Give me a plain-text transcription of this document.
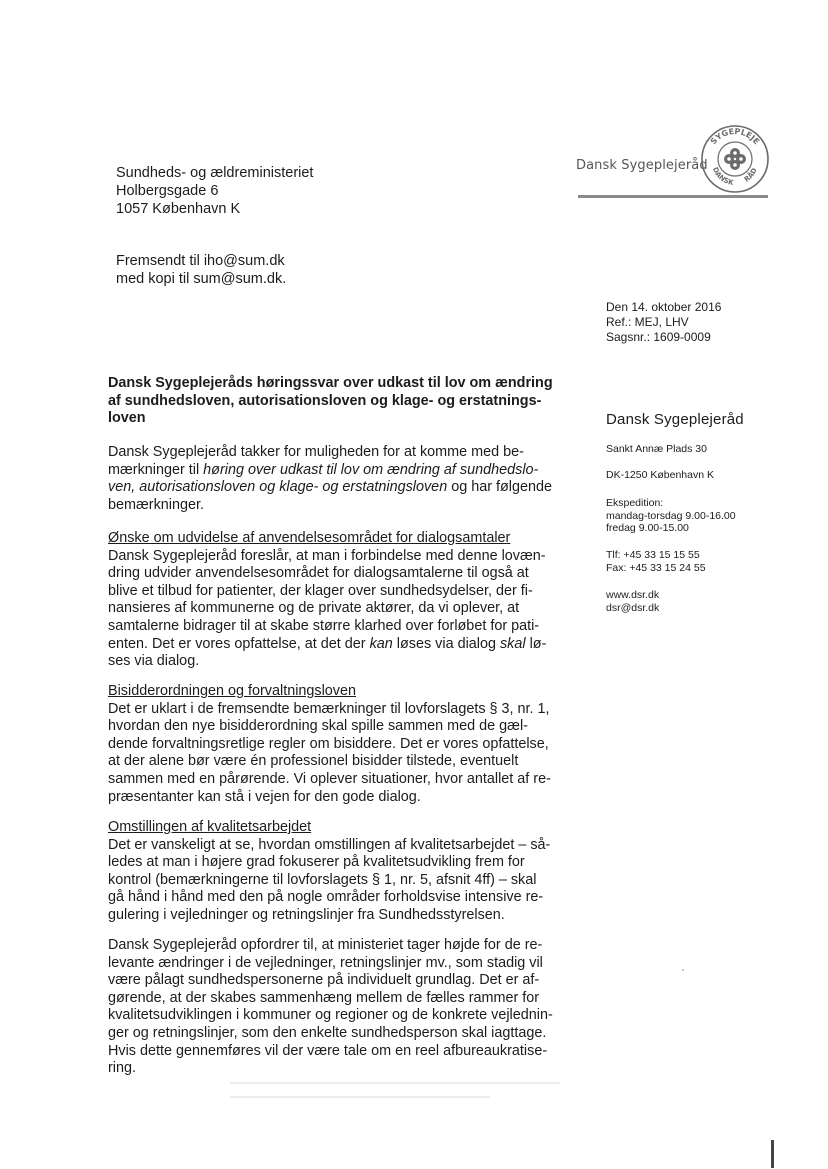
Dansk Sygeplejeråd
SYGEPLEJE
DANSK RÅD
Sundheds- og ældreministeriet
Holbergsgade 6
1057 København K
Fremsendt til iho@sum.dk
med kopi til sum@sum.dk.
Den 14. oktober 2016
Ref.: MEJ, LHV
Sagsnr.: 1609-0009
Dansk Sygeplejeråd
Sankt Annæ Plads 30
DK-1250 København K
Ekspedition:
mandag-torsdag 9.00-16.00
fredag 9.00-15.00
Tlf: +45 33 15 15 55
Fax: +45 33 15 24 55
www.dsr.dk
dsr@dsr.dk
Dansk Sygeplejeråds høringssvar over udkast til lov om ændring
af sundhedsloven, autorisationsloven og klage- og erstatnings-
loven
Dansk Sygeplejeråd takker for muligheden for at komme med be-
mærkninger til høring over udkast til lov om ændring af sundhedslo-
ven, autorisationsloven og klage- og erstatningsloven og har følgende
bemærkninger.
Ønske om udvidelse af anvendelsesområdet for dialogsamtaler
Dansk Sygeplejeråd foreslår, at man i forbindelse med denne lovæn-
dring udvider anvendelsesområdet for dialogsamtalerne til også at
blive et tilbud for patienter, der klager over sundhedsydelser, der fi-
nansieres af kommunerne og de private aktører, da vi oplever, at
samtalerne bidrager til at skabe større klarhed over forløbet for pati-
enten. Det er vores opfattelse, at det der kan løses via dialog skal lø-
ses via dialog.
Bisidderordningen og forvaltningsloven
Det er uklart i de fremsendte bemærkninger til lovforslagets § 3, nr. 1,
hvordan den nye bisidderordning skal spille sammen med de gæl-
dende forvaltningsretlige regler om bisiddere. Det er vores opfattelse,
at der alene bør være én professionel bisidder tilstede, eventuelt
sammen med en pårørende. Vi oplever situationer, hvor antallet af re-
præsentanter kan stå i vejen for den gode dialog.
Omstillingen af kvalitetsarbejdet
Det er vanskeligt at se, hvordan omstillingen af kvalitetsarbejdet – så-
ledes at man i højere grad fokuserer på kvalitetsudvikling frem for
kontrol (bemærkningerne til lovforslagets § 1, nr. 5, afsnit 4ff) – skal
gå hånd i hånd med den på nogle områder forholdsvise intensive re-
gulering i vejledninger og retningslinjer fra Sundhedsstyrelsen.
Dansk Sygeplejeråd opfordrer til, at ministeriet tager højde for de re-
levante ændringer i de vejledninger, retningslinjer mv., som stadig vil
være pålagt sundhedspersonerne på individuelt grundlag. Det er af-
gørende, at der skabes sammenhæng mellem de fælles rammer for
kvalitetsudviklingen i kommuner og regioner og de konkrete vejlednin-
ger og retningslinjer, som den enkelte sundhedsperson skal iagttage.
Hvis dette gennemføres vil der være tale om en reel afbureaukratise-
ring.
